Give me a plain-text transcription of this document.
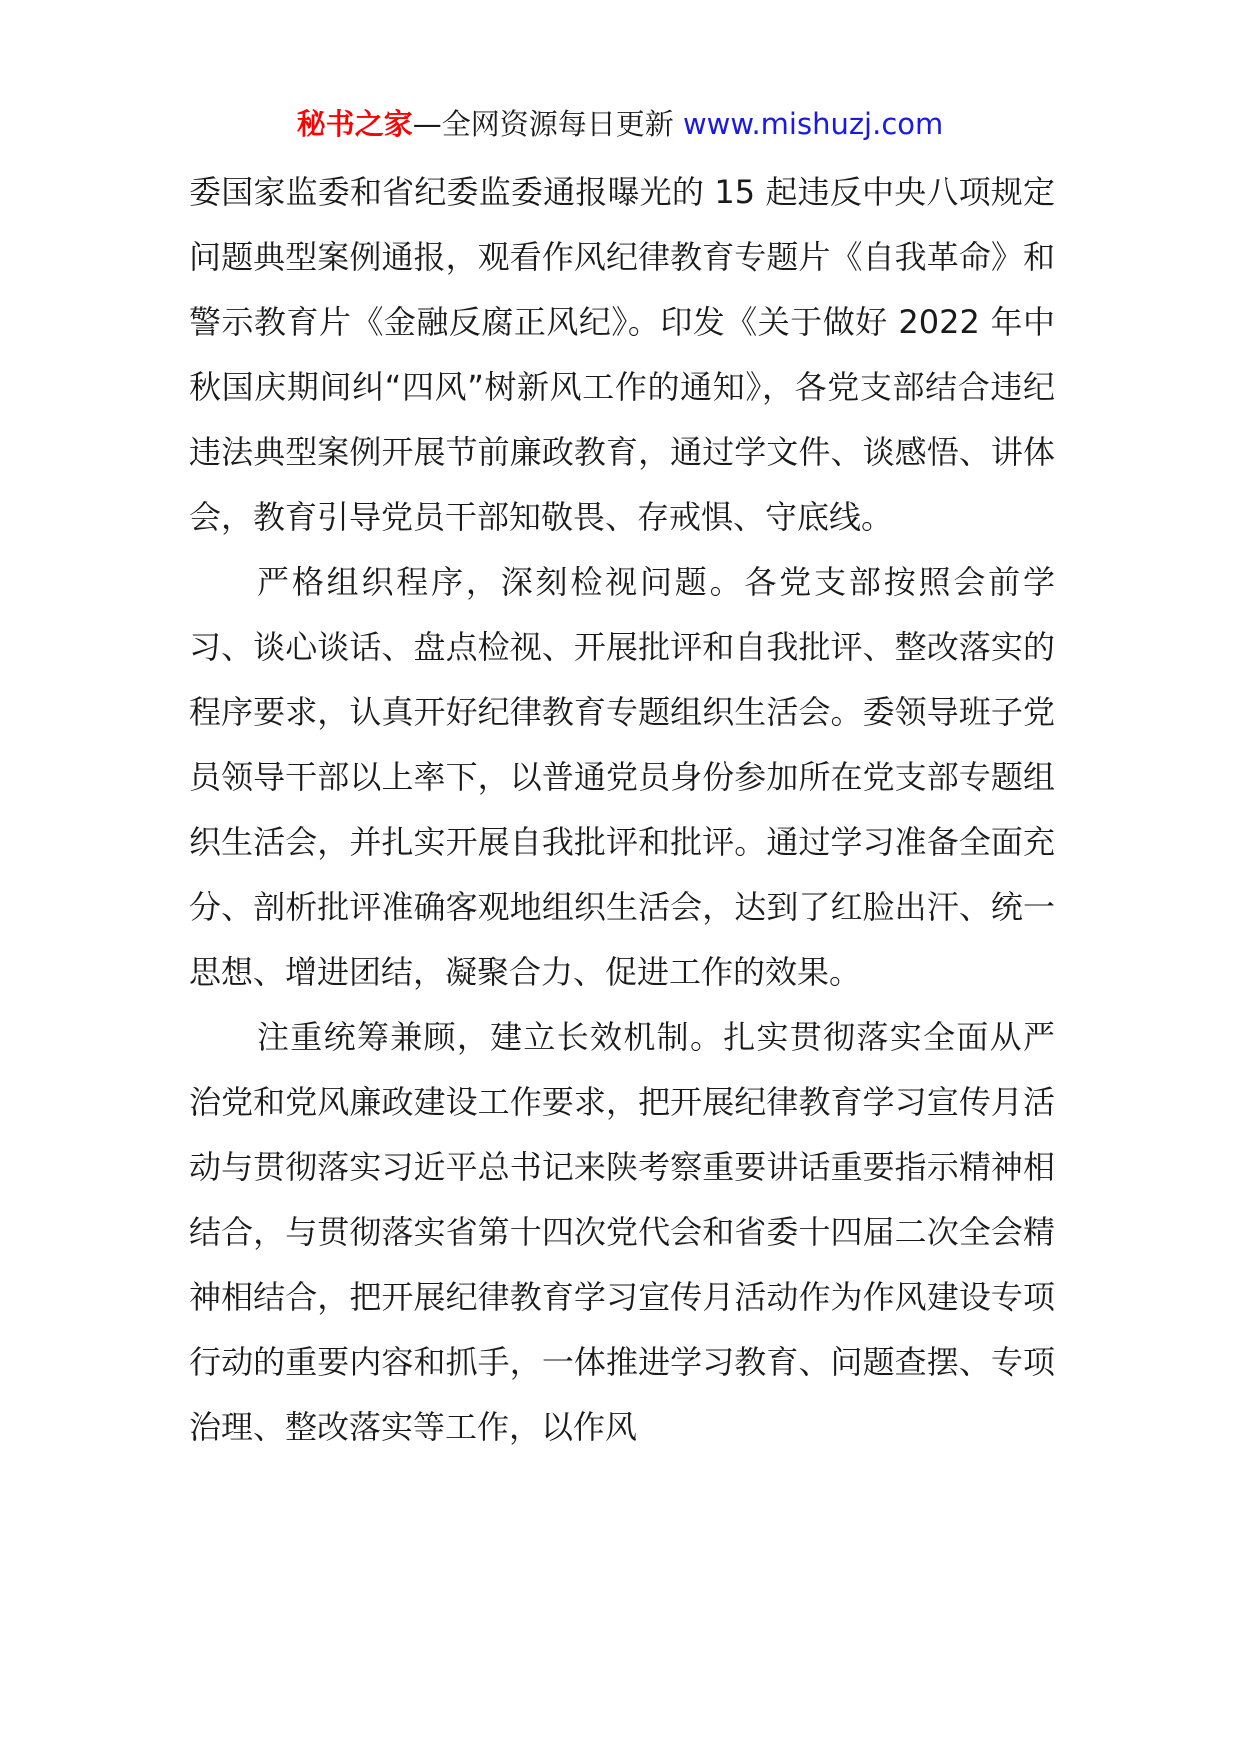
秘书之家—全网资源每日更新 www.mishuzj.com

委国家监委和省纪委监委通报曝光的 15 起违反中央八项规定问题典型案例通报，观看作风纪律教育专题片《自我革命》和警示教育片《金融反腐正风纪》。印发《关于做好 2022 年中秋国庆期间纠“四风”树新风工作的通知》，各党支部结合违纪违法典型案例开展节前廉政教育，通过学文件、谈感悟、讲体会，教育引导党员干部知敬畏、存戒惧、守底线。

严格组织程序，深刻检视问题。各党支部按照会前学习、谈心谈话、盘点检视、开展批评和自我批评、整改落实的程序要求，认真开好纪律教育专题组织生活会。委领导班子党员领导干部以上率下，以普通党员身份参加所在党支部专题组织生活会，并扎实开展自我批评和批评。通过学习准备全面充分、剖析批评准确客观地组织生活会，达到了红脸出汗、统一思想、增进团结，凝聚合力、促进工作的效果。

注重统筹兼顾，建立长效机制。扎实贯彻落实全面从严治党和党风廉政建设工作要求，把开展纪律教育学习宣传月活动与贯彻落实习近平总书记来陕考察重要讲话重要指示精神相结合，与贯彻落实省第十四次党代会和省委十四届二次全会精神相结合，把开展纪律教育学习宣传月活动作为作风建设专项行动的重要内容和抓手，一体推进学习教育、问题查摆、专项治理、整改落实等工作，以作风
